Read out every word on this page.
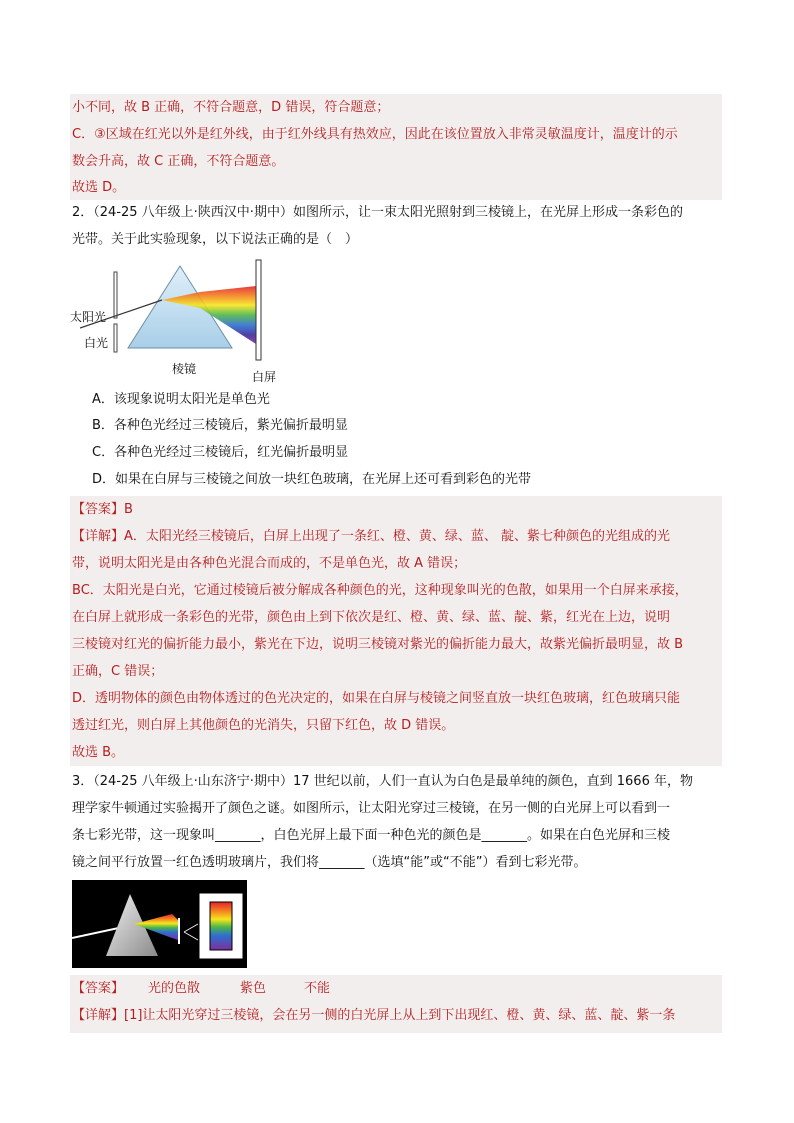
小不同，故 B 正确，不符合题意，D 错误，符合题意；
C．③区域在红光以外是红外线，由于红外线具有热效应，因此在该位置放入非常灵敏温度计，温度计的示
数会升高，故 C 正确，不符合题意。
故选 D。
2．（24-25 八年级上·陕西汉中·期中）如图所示，让一束太阳光照射到三棱镜上，在光屏上形成一条彩色的
光带。关于此实验现象，以下说法正确的是（　）
太阳光
白光
棱镜
白屏
A．该现象说明太阳光是单色光
B．各种色光经过三棱镜后，紫光偏折最明显
C．各种色光经过三棱镜后，红光偏折最明显
D．如果在白屏与三棱镜之间放一块红色玻璃，在光屏上还可看到彩色的光带
【答案】B
【详解】A．太阳光经三棱镜后，白屏上出现了一条红、橙、黄、绿、蓝、 靛、紫七种颜色的光组成的光
带，说明太阳光是由各种色光混合而成的，不是单色光，故 A 错误；
BC．太阳光是白光，它通过棱镜后被分解成各种颜色的光，这种现象叫光的色散，如果用一个白屏来承接，
在白屏上就形成一条彩色的光带，颜色由上到下依次是红、橙、黄、绿、蓝、靛、紫，红光在上边，说明
三棱镜对红光的偏折能力最小，紫光在下边，说明三棱镜对紫光的偏折能力最大，故紫光偏折最明显，故 B
正确，C 错误；
D．透明物体的颜色由物体透过的色光决定的，如果在白屏与棱镜之间竖直放一块红色玻璃，红色玻璃只能
透过红光，则白屏上其他颜色的光消失，只留下红色，故 D 错误。
故选 B。
3．（24-25 八年级上·山东济宁·期中）17 世纪以前，人们一直认为白色是最单纯的颜色，直到 1666 年，物
理学家牛顿通过实验揭开了颜色之谜。如图所示，让太阳光穿过三棱镜，在另一侧的白光屏上可以看到一
条七彩光带，这一现象叫_______，白色光屏上最下面一种色光的颜色是_______。如果在白色光屏和三棱
镜之间平行放置一红色透明玻璃片，我们将_______（选填“能”或“不能”）看到七彩光带。
【答案】 光的色散	紫色	不能
【详解】[1]让太阳光穿过三棱镜，会在另一侧的白光屏上从上到下出现红、橙、黄、绿、蓝、靛、紫一条
